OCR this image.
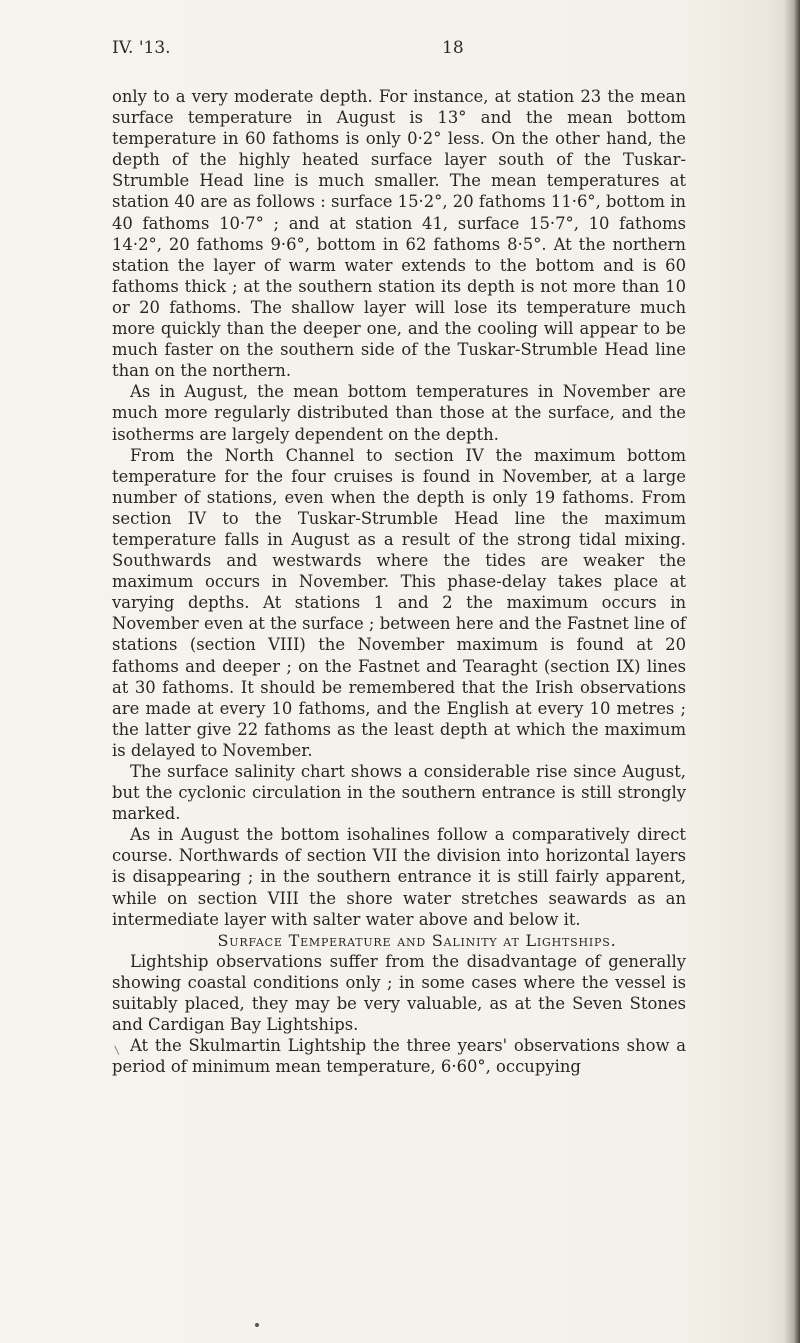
IV. '13.	18

only to a very moderate depth. For instance, at station 23 the mean surface temperature in August is 13° and the mean bottom temperature in 60 fathoms is only 0·2° less. On the other hand, the depth of the highly heated surface layer south of the Tuskar-Strumble Head line is much smaller. The mean temperatures at station 40 are as follows : surface 15·2°, 20 fathoms 11·6°, bottom in 40 fathoms 10·7° ; and at station 41, surface 15·7°, 10 fathoms 14·2°, 20 fathoms 9·6°, bottom in 62 fathoms 8·5°. At the northern station the layer of warm water extends to the bottom and is 60 fathoms thick ; at the southern station its depth is not more than 10 or 20 fathoms. The shallow layer will lose its temperature much more quickly than the deeper one, and the cooling will appear to be much faster on the southern side of the Tuskar-Strumble Head line than on the northern.

As in August, the mean bottom temperatures in November are much more regularly distributed than those at the surface, and the isotherms are largely dependent on the depth.

From the North Channel to section IV the maximum bottom temperature for the four cruises is found in November, at a large number of stations, even when the depth is only 19 fathoms. From section IV to the Tuskar-Strumble Head line the maximum temperature falls in August as a result of the strong tidal mixing. Southwards and westwards where the tides are weaker the maximum occurs in November. This phase-delay takes place at varying depths. At stations 1 and 2 the maximum occurs in November even at the surface ; between here and the Fastnet line of stations (section VIII) the November maximum is found at 20 fathoms and deeper ; on the Fastnet and Tearaght (section IX) lines at 30 fathoms. It should be remembered that the Irish observations are made at every 10 fathoms, and the English at every 10 metres ; the latter give 22 fathoms as the least depth at which the maximum is delayed to November.

The surface salinity chart shows a considerable rise since August, but the cyclonic circulation in the southern entrance is still strongly marked.

As in August the bottom isohalines follow a comparatively direct course. Northwards of section VII the division into horizontal layers is disappearing ; in the southern entrance it is still fairly apparent, while on section VIII the shore water stretches seawards as an intermediate layer with salter water above and below it.

Surface Temperature and Salinity at Lightships.

Lightship observations suffer from the disadvantage of generally showing coastal conditions only ; in some cases where the vessel is suitably placed, they may be very valuable, as at the Seven Stones and Cardigan Bay Lightships.

At the Skulmartin Lightship the three years' observations show a period of minimum mean temperature, 6·60°, occupying
